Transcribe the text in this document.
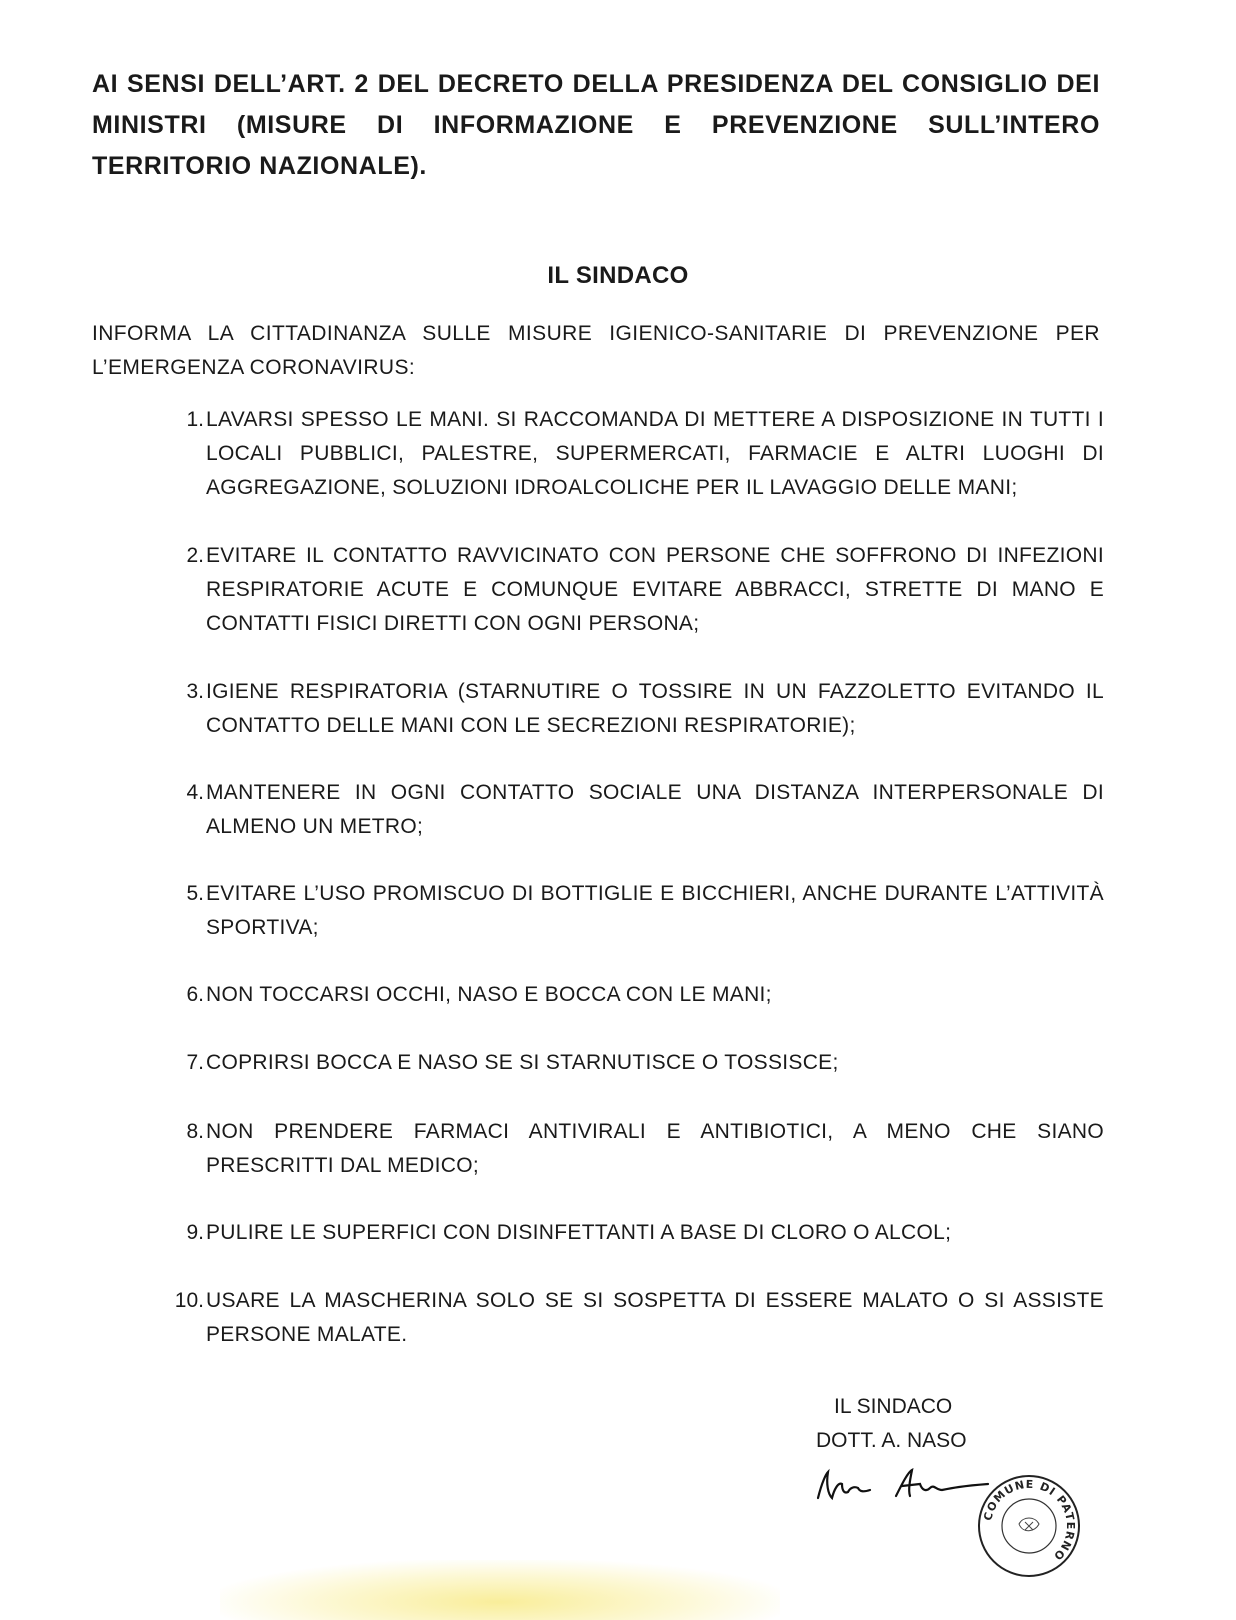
AI SENSI DELL’ART. 2 DEL DECRETO DELLA PRESIDENZA DEL CONSIGLIO DEI MINISTRI (MISURE DI INFORMAZIONE E PREVENZIONE SULL’INTERO TERRITORIO NAZIONALE).
IL SINDACO
INFORMA LA CITTADINANZA SULLE MISURE IGIENICO-SANITARIE DI PREVENZIONE PER L’EMERGENZA CORONAVIRUS:
1. LAVARSI SPESSO LE MANI. SI RACCOMANDA DI METTERE A DISPOSIZIONE IN TUTTI I LOCALI PUBBLICI, PALESTRE, SUPERMERCATI, FARMACIE E ALTRI LUOGHI DI AGGREGAZIONE, SOLUZIONI IDROALCOLICHE PER IL LAVAGGIO DELLE MANI;
2. EVITARE IL CONTATTO RAVVICINATO CON PERSONE CHE SOFFRONO DI INFEZIONI RESPIRATORIE ACUTE E COMUNQUE EVITARE ABBRACCI, STRETTE DI MANO E CONTATTI FISICI DIRETTI CON OGNI PERSONA;
3. IGIENE RESPIRATORIA (STARNUTIRE O TOSSIRE IN UN FAZZOLETTO EVITANDO IL CONTATTO DELLE MANI CON LE SECREZIONI RESPIRATORIE);
4. MANTENERE IN OGNI CONTATTO SOCIALE UNA DISTANZA INTERPERSONALE DI ALMENO UN METRO;
5. EVITARE L’USO PROMISCUO DI BOTTIGLIE E BICCHIERI, ANCHE DURANTE L’ATTIVITÀ SPORTIVA;
6. NON TOCCARSI OCCHI, NASO E BOCCA CON LE MANI;
7. COPRIRSI BOCCA E NASO SE SI STARNUTISCE O TOSSISCE;
8. NON PRENDERE FARMACI ANTIVIRALI E ANTIBIOTICI, A MENO CHE SIANO PRESCRITTI DAL MEDICO;
9. PULIRE LE SUPERFICI CON DISINFETTANTI A BASE DI CLORO O ALCOL;
10. USARE LA MASCHERINA SOLO SE SI SOSPETTA DI ESSERE MALATO O SI ASSISTE PERSONE MALATE.
IL SINDACO
DOTT. A. NASO
COMUNE DI PATERNO
